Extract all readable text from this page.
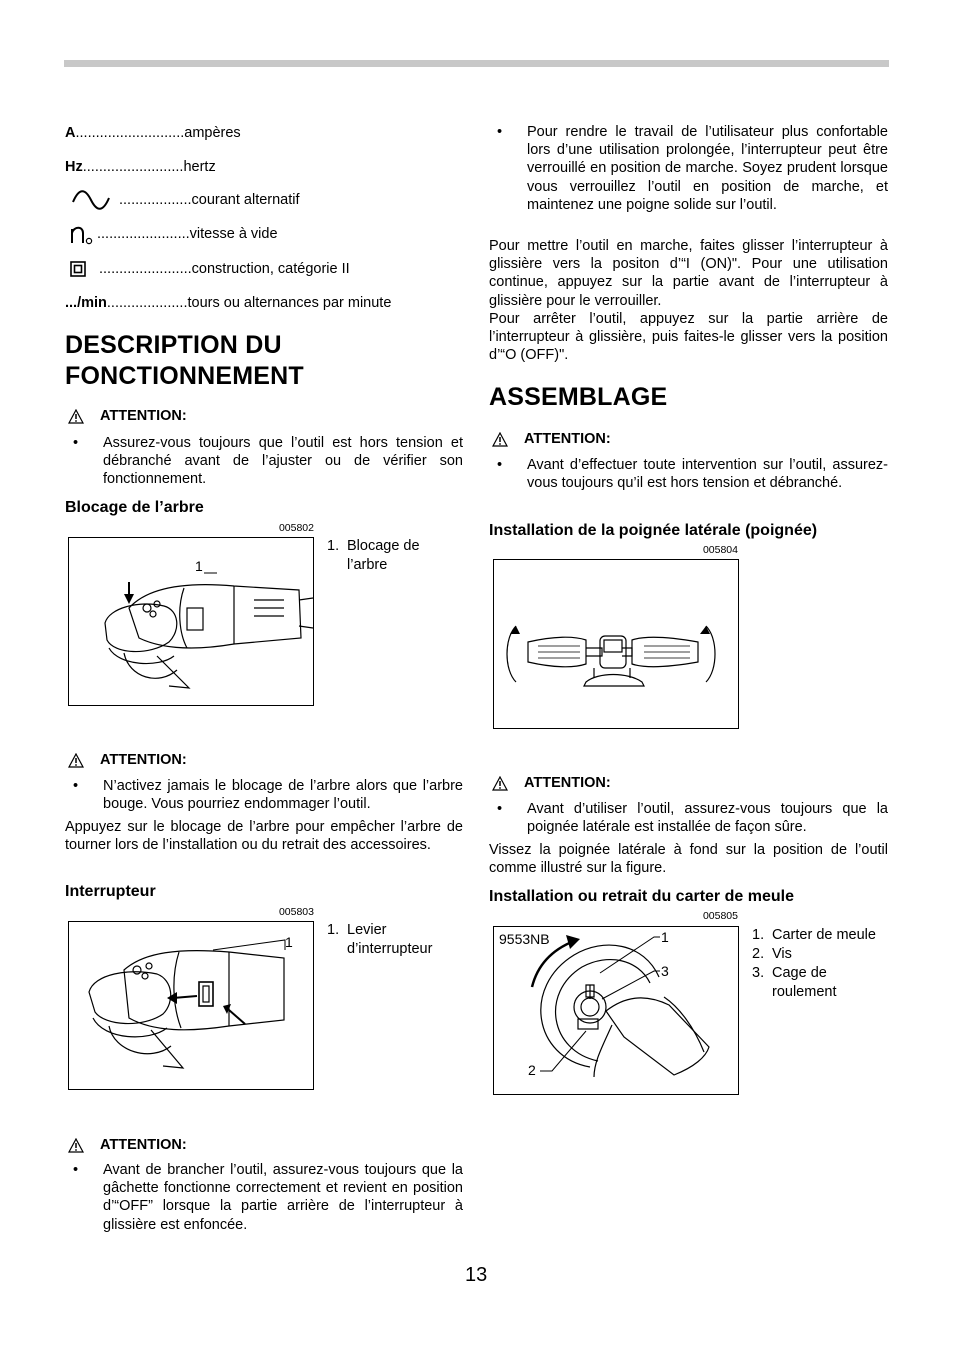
A ........................... ampères
Hz ......................... hertz
.................. courant alternatif
....................... vitesse à vide
....................... construction, catégorie II
.../min .................... tours ou alternances par minute
DESCRIPTION DU FONCTIONNEMENT
ATTENTION:
• Assurez-vous toujours que l’outil est hors tension et débranché avant de l’ajuster ou de vérifier son fonctionnement.
Blocage de l’arbre
005802
ATTENTION:
• N’activez jamais le blocage de l’arbre alors que l’arbre bouge. Vous pourriez endommager l’outil.
Appuyez sur le blocage de l’arbre pour empêcher l’arbre de tourner lors de l’installation ou du retrait des accessoires.
Interrupteur
005803
ATTENTION:
• Avant de brancher l’outil, assurez-vous toujours que la gâchette fonctionne correctement et revient en position d’“OFF” lorsque la partie arrière de l’interrupteur à glissière est enfoncée.
1
1. Blocage de l’arbre
1
1. Levier d’interrupteur
• Pour rendre le travail de l’utilisateur plus confortable lors d’une utilisation prolongée, l’interrupteur peut être verrouillé en position de marche. Soyez prudent lorsque vous verrouillez l’outil en position de marche, et maintenez une poigne solide sur l’outil.
Pour mettre l’outil en marche, faites glisser l’interrupteur à glissière vers la positon d’“I (ON)". Pour une utilisation continue, appuyez sur la partie avant de l’interrupteur à glissière pour le verrouiller.
Pour arrêter l’outil, appuyez sur la partie arrière de l’interrupteur à glissière, puis faites-le glisser vers la position d’“O (OFF)".
ASSEMBLAGE
ATTENTION:
• Avant d’effectuer toute intervention sur l’outil, assurez-vous toujours qu’il est hors tension et débranché.
Installation de la poignée latérale (poignée)
005804
ATTENTION:
• Avant d’utiliser l’outil, assurez-vous toujours que la poignée latérale est installée de façon sûre.
Vissez la poignée latérale à fond sur la position de l’outil comme illustré sur la figure.
Installation ou retrait du carter de meule
005805
9553NB	1
3
2
1. Carter de meule
2. Vis
3. Cage de roulement
13
